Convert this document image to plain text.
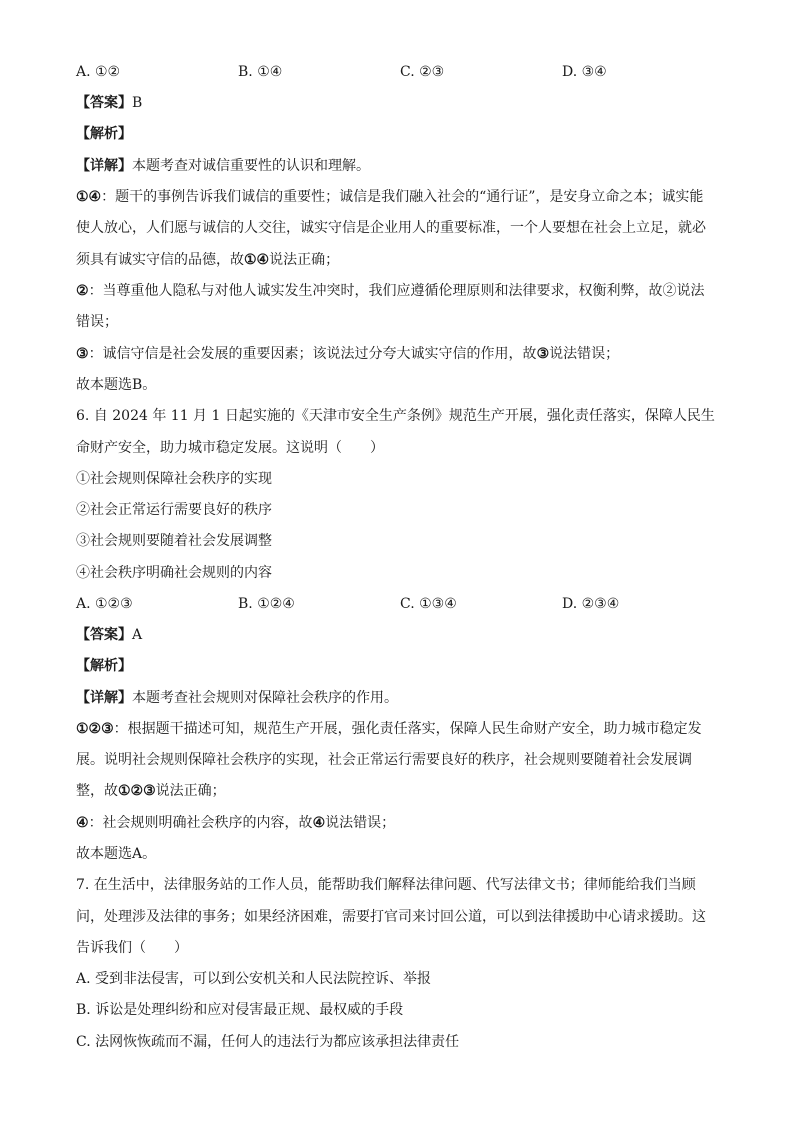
A. ①②	B. ①④	C. ②③	D. ③④
【答案】B
【解析】
【详解】本题考查对诚信重要性的认识和理解。
①④：题干的事例告诉我们诚信的重要性；诚信是我们融入社会的“通行证”，是安身立命之本；诚实能
使人放心，人们愿与诚信的人交往，诚实守信是企业用人的重要标准，一个人要想在社会上立足，就必
须具有诚实守信的品德，故①④说法正确；
②：当尊重他人隐私与对他人诚实发生冲突时，我们应遵循伦理原则和法律要求，权衡利弊，故②说法
错误；
③：诚信守信是社会发展的重要因素；该说法过分夸大诚实守信的作用，故③说法错误；
故本题选B。
6. 自 2024 年 11 月 1 日起实施的《天津市安全生产条例》规范生产开展，强化责任落实，保障人民生
命财产安全，助力城市稳定发展。这说明（　　）
①社会规则保障社会秩序的实现
②社会正常运行需要良好的秩序
③社会规则要随着社会发展调整
④社会秩序明确社会规则的内容
A. ①②③	B. ①②④	C. ①③④	D. ②③④
【答案】A
【解析】
【详解】本题考查社会规则对保障社会秩序的作用。
①②③：根据题干描述可知，规范生产开展，强化责任落实，保障人民生命财产安全，助力城市稳定发
展。说明社会规则保障社会秩序的实现，社会正常运行需要良好的秩序，社会规则要随着社会发展调
整，故①②③说法正确；
④：社会规则明确社会秩序的内容，故④说法错误；
故本题选A。
7. 在生活中，法律服务站的工作人员，能帮助我们解释法律问题、代写法律文书；律师能给我们当顾
问，处理涉及法律的事务；如果经济困难，需要打官司来讨回公道，可以到法律援助中心请求援助。这
告诉我们（　　）
A. 受到非法侵害，可以到公安机关和人民法院控诉、举报
B. 诉讼是处理纠纷和应对侵害最正规、最权威的手段
C. 法网恢恢疏而不漏，任何人的违法行为都应该承担法律责任
